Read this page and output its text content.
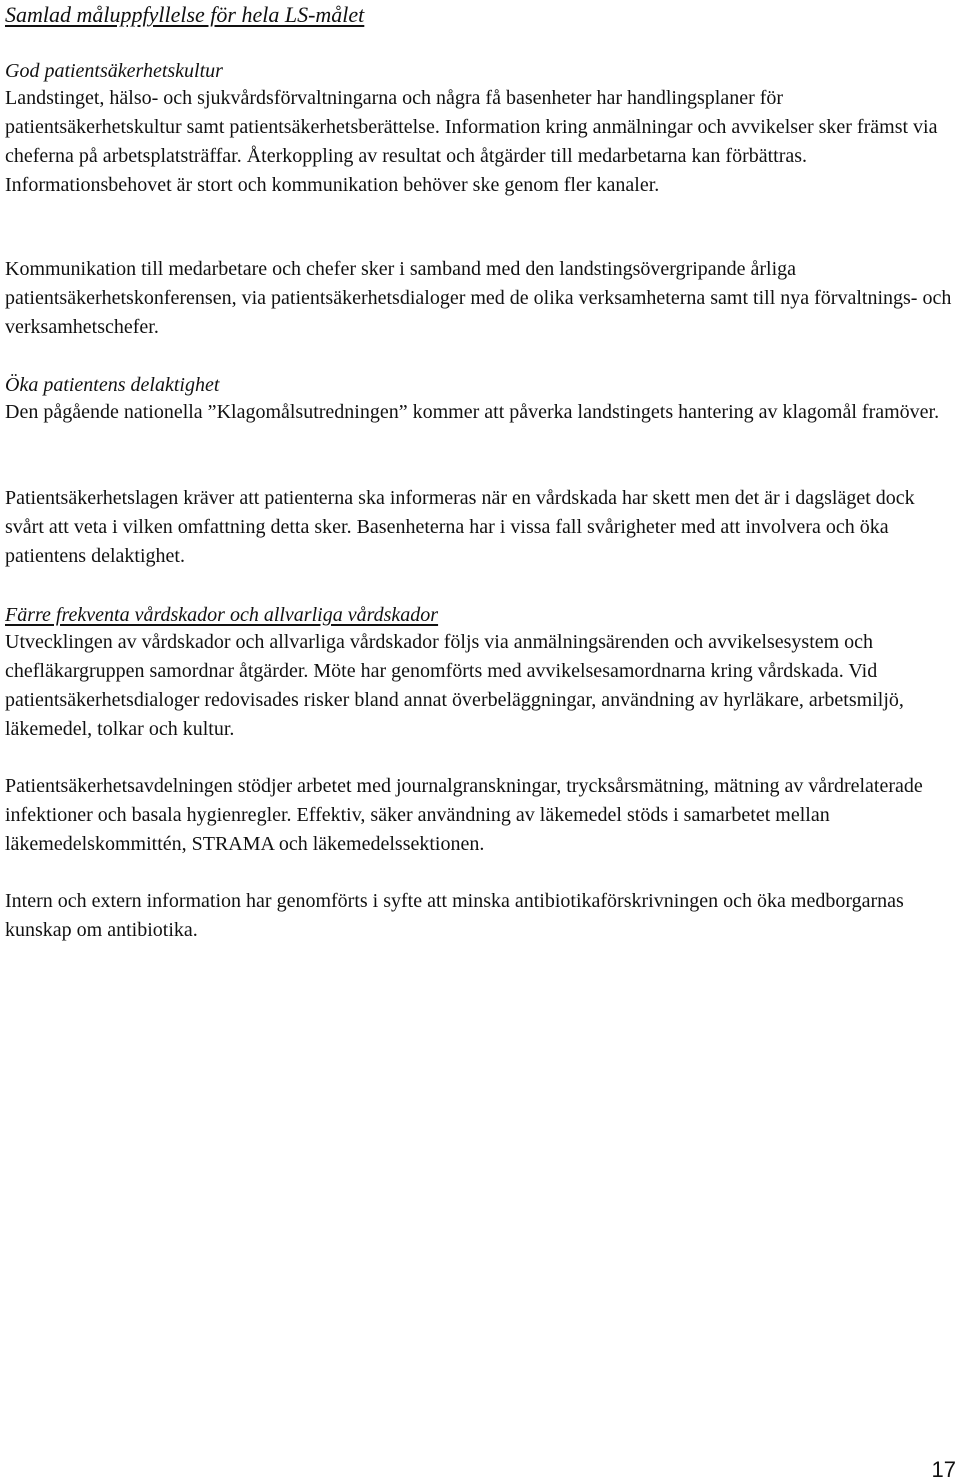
Samlad måluppfyllelse för hela LS-målet
God patientsäkerhetskultur

Landstinget, hälso- och sjukvårdsförvaltningarna och några få basenheter har handlingsplaner för patientsäkerhetskultur samt patientsäkerhetsberättelse. Information kring anmälningar och avvikelser sker främst via cheferna på arbetsplatsträffar. Återkoppling av resultat och åtgärder till medarbetarna kan förbättras. Informationsbehovet är stort och kommunikation behöver ske genom fler kanaler.

Kommunikation till medarbetare och chefer sker i samband med den landstingsövergripande årliga patientsäkerhetskonferensen, via patientsäkerhetsdialoger med de olika verksamheterna samt till nya förvaltnings- och verksamhetschefer.

Öka patientens delaktighet

Den pågående nationella ”Klagomålsutredningen” kommer att påverka landstingets hantering av klagomål framöver.

Patientsäkerhetslagen kräver att patienterna ska informeras när en vårdskada har skett men det är i dagsläget dock svårt att veta i vilken omfattning detta sker. Basenheterna har i vissa fall svårigheter med att involvera och öka patientens delaktighet.

Färre frekventa vårdskador och allvarliga vårdskador

Utvecklingen av vårdskador och allvarliga vårdskador följs via anmälningsärenden och avvikelsesystem och chefläkargruppen samordnar åtgärder. Möte har genomförts med avvikelsesamordnarna kring vårdskada. Vid patientsäkerhetsdialoger redovisades risker bland annat överbeläggningar, användning av hyrläkare, arbetsmiljö, läkemedel, tolkar och kultur.

Patientsäkerhetsavdelningen stödjer arbetet med journalgranskningar, trycksårsmätning, mätning av vårdrelaterade infektioner och basala hygienregler. Effektiv, säker användning av läkemedel stöds i samarbetet mellan läkemedelskommittén, STRAMA och läkemedelssektionen.

Intern och extern information har genomförts i syfte att minska antibiotikaförskrivningen och öka medborgarnas kunskap om antibiotika.

17
